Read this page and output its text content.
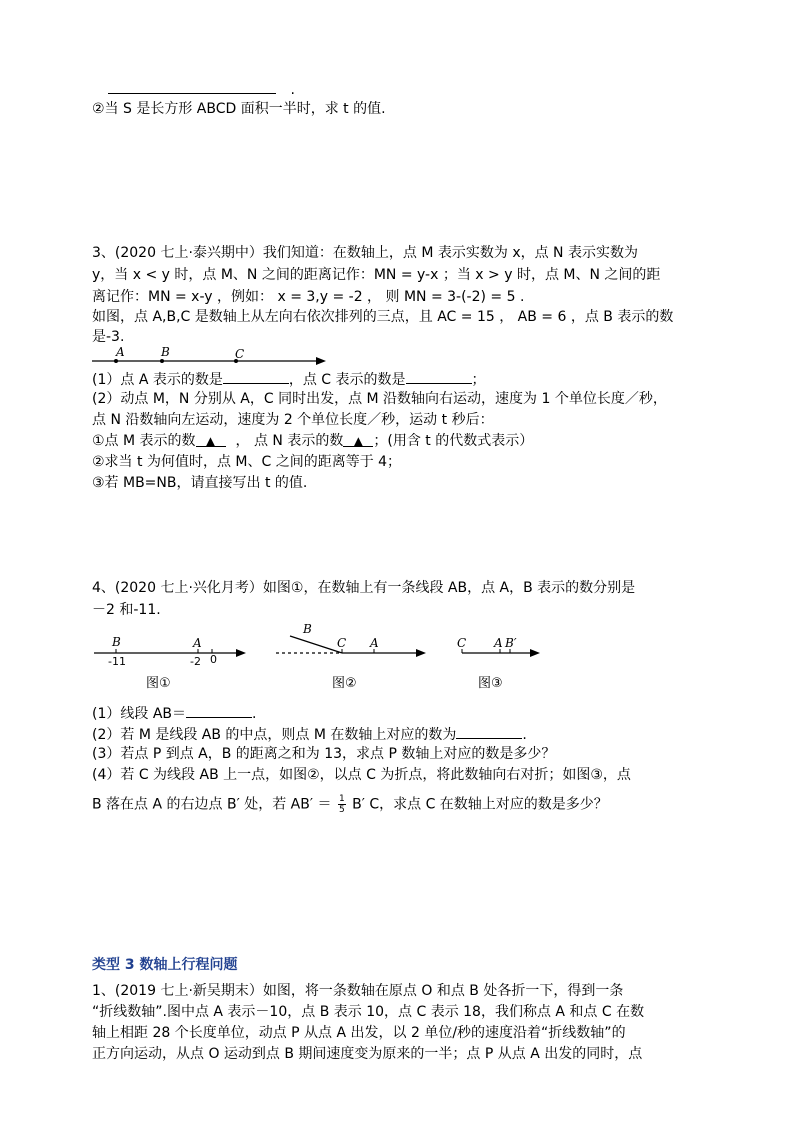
.
②当 S 是长方形 ABCD 面积一半时，求 t 的值.
3、(2020 七上·泰兴期中）我们知道：在数轴上，点 M 表示实数为 x，点 N 表示实数为
y，当 x < y 时，点 M、N 之间的距离记作：MN = y-x ；当 x > y 时，点 M、N 之间的距
离记作：MN = x-y ，例如： x = 3,y = -2 ， 则 MN = 3-(-2) = 5 .
如图，点 A,B,C 是数轴上从左向右依次排列的三点，且 AC = 15 ， AB = 6 ，点 B 表示的数
是-3.
A	B	C
(1）点 A 表示的数是	，点 C 表示的数是	；
(2）动点 M，N 分别从 A，C 同时出发，点 M 沿数轴向右运动，速度为 1 个单位长度／秒，
点 N 沿数轴向左运动，速度为 2 个单位长度／秒，运动 t 秒后：
①点 M 表示的数 ▲ ， 点 N 表示的数 ▲ ；(用含 t 的代数式表示）
②求当 t 为何值时，点 M、C 之间的距离等于 4；
③若 MB=NB，请直接写出 t 的值.
4、(2020 七上·兴化月考）如图①，在数轴上有一条线段 AB，点 A，B 表示的数分别是
－2 和-11.
B	A
-11	-2 0
B
C A	C A B′
图①	图②	图③
(1）线段 AB＝	.
(2）若 M 是线段 AB 的中点，则点 M 在数轴上对应的数为	.
(3）若点 P 到点 A，B 的距离之和为 13，求点 P 数轴上对应的数是多少？
(4）若 C 为线段 AB 上一点，如图②，以点 C 为折点，将此数轴向右对折；如图③，点
B 落在点 A 的右边点 B′ 处，若 $AB' = \frac{1}{5} B'$ C，求点 C 在数轴上对应的数是多少？
类型 3 数轴上行程问题
1、(2019 七上·新吴期末）如图，将一条数轴在原点 O 和点 B 处各折一下，得到一条
“折线数轴”.图中点 A 表示－10，点 B 表示 10，点 C 表示 18，我们称点 A 和点 C 在数
轴上相距 28 个长度单位，动点 P 从点 A 出发，以 2 单位/秒的速度沿着“折线数轴”的
正方向运动，从点 O 运动到点 B 期间速度变为原来的一半；点 P 从点 A 出发的同时，点
